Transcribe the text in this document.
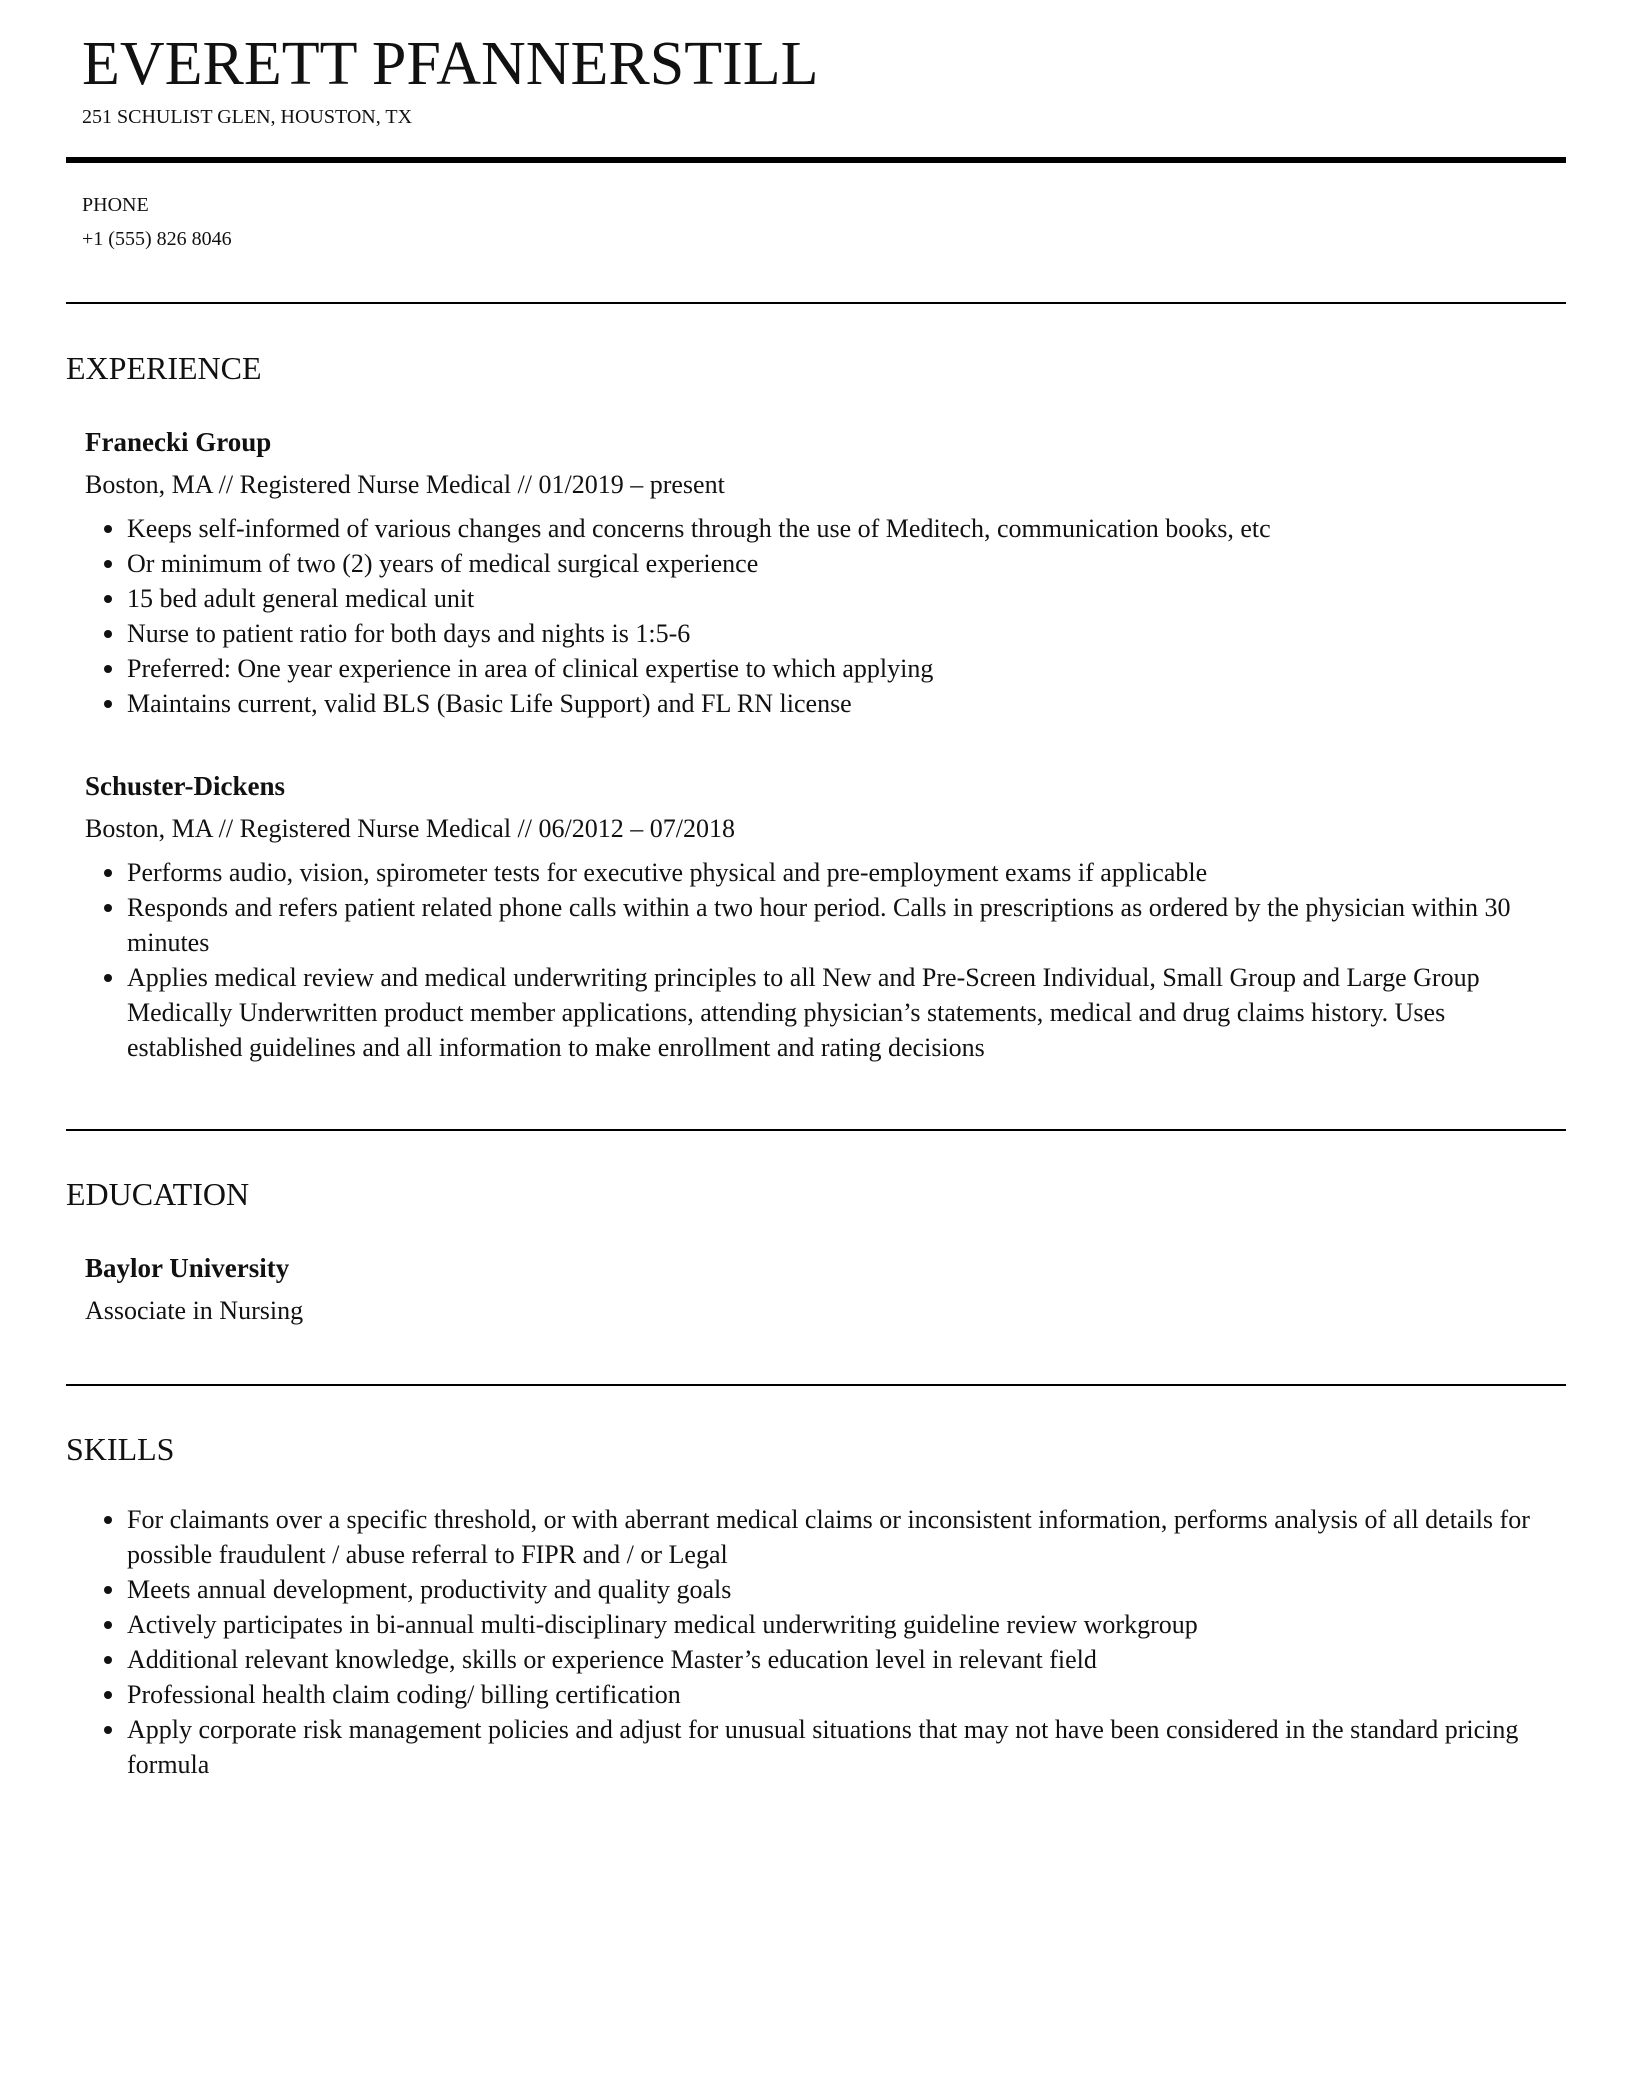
EVERETT PFANNERSTILL
251 SCHULIST GLEN, HOUSTON, TX
PHONE
+1 (555) 826 8046
EXPERIENCE
Franecki Group
Boston, MA // Registered Nurse Medical // 01/2019 – present
Keeps self-informed of various changes and concerns through the use of Meditech, communication books, etc
Or minimum of two (2) years of medical surgical experience
15 bed adult general medical unit
Nurse to patient ratio for both days and nights is 1:5-6
Preferred: One year experience in area of clinical expertise to which applying
Maintains current, valid BLS (Basic Life Support) and FL RN license
Schuster-Dickens
Boston, MA // Registered Nurse Medical // 06/2012 – 07/2018
Performs audio, vision, spirometer tests for executive physical and pre-employment exams if applicable
Responds and refers patient related phone calls within a two hour period. Calls in prescriptions as ordered by the physician within 30 minutes
Applies medical review and medical underwriting principles to all New and Pre-Screen Individual, Small Group and Large Group Medically Underwritten product member applications, attending physician’s statements, medical and drug claims history. Uses established guidelines and all information to make enrollment and rating decisions
EDUCATION
Baylor University
Associate in Nursing
SKILLS
For claimants over a specific threshold, or with aberrant medical claims or inconsistent information, performs analysis of all details for possible fraudulent / abuse referral to FIPR and / or Legal
Meets annual development, productivity and quality goals
Actively participates in bi-annual multi-disciplinary medical underwriting guideline review workgroup
Additional relevant knowledge, skills or experience Master’s education level in relevant field
Professional health claim coding/ billing certification
Apply corporate risk management policies and adjust for unusual situations that may not have been considered in the standard pricing formula
